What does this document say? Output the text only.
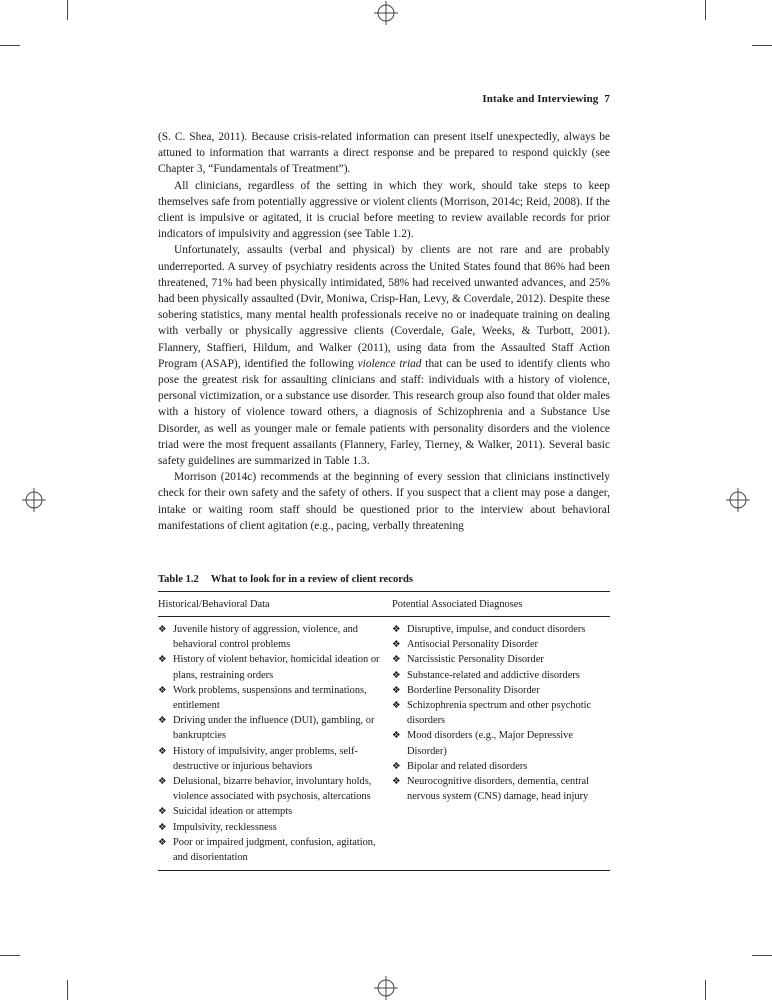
Intake and Interviewing 7

(S. C. Shea, 2011). Because crisis-related information can present itself unexpectedly, always be attuned to information that warrants a direct response and be prepared to respond quickly (see Chapter 3, “Fundamentals of Treatment”).

All clinicians, regardless of the setting in which they work, should take steps to keep themselves safe from potentially aggressive or violent clients (Morrison, 2014c; Reid, 2008). If the client is impulsive or agitated, it is crucial before meeting to review available records for prior indicators of impulsivity and aggression (see Table 1.2).

Unfortunately, assaults (verbal and physical) by clients are not rare and are probably underreported. A survey of psychiatry residents across the United States found that 86% had been threatened, 71% had been physically intimidated, 58% had received unwanted advances, and 25% had been physically assaulted (Dvir, Moniwa, Crisp-Han, Levy, & Coverdale, 2012). Despite these sobering statistics, many mental health professionals receive no or inadequate training on dealing with verbally or physically aggressive clients (Coverdale, Gale, Weeks, & Turbott, 2001). Flannery, Staffieri, Hildum, and Walker (2011), using data from the Assaulted Staff Action Program (ASAP), identified the following violence triad that can be used to identify clients who pose the greatest risk for assaulting clinicians and staff: individuals with a history of violence, personal victimization, or a substance use disorder. This research group also found that older males with a history of violence toward others, a diagnosis of Schizophrenia and a Substance Use Disorder, as well as younger male or female patients with personality disorders and the violence triad were the most frequent assailants (Flannery, Farley, Tierney, & Walker, 2011). Several basic safety guidelines are summarized in Table 1.3.

Morrison (2014c) recommends at the beginning of every session that clinicians instinctively check for their own safety and the safety of others. If you suspect that a client may pose a danger, intake or waiting room staff should be questioned prior to the interview about behavioral manifestations of client agitation (e.g., pacing, verbally threatening

Table 1.2 What to look for in a review of client records
Historical/Behavioral Data	Potential Associated Diagnoses
❖ Juvenile history of aggression, violence, and behavioral control problems
❖ History of violent behavior, homicidal ideation or plans, restraining orders
❖ Work problems, suspensions and terminations, entitlement
❖ Driving under the influence (DUI), gambling, or bankruptcies
❖ History of impulsivity, anger problems, self-destructive or injurious behaviors
❖ Delusional, bizarre behavior, involuntary holds, violence associated with psychosis, altercations
❖ Suicidal ideation or attempts
❖ Impulsivity, recklessness
❖ Poor or impaired judgment, confusion, agitation, and disorientation
❖ Disruptive, impulse, and conduct disorders
❖ Antisocial Personality Disorder
❖ Narcissistic Personality Disorder
❖ Substance-related and addictive disorders
❖ Borderline Personality Disorder
❖ Schizophrenia spectrum and other psychotic disorders
❖ Mood disorders (e.g., Major Depressive Disorder)
❖ Bipolar and related disorders
❖ Neurocognitive disorders, dementia, central nervous system (CNS) damage, head injury
